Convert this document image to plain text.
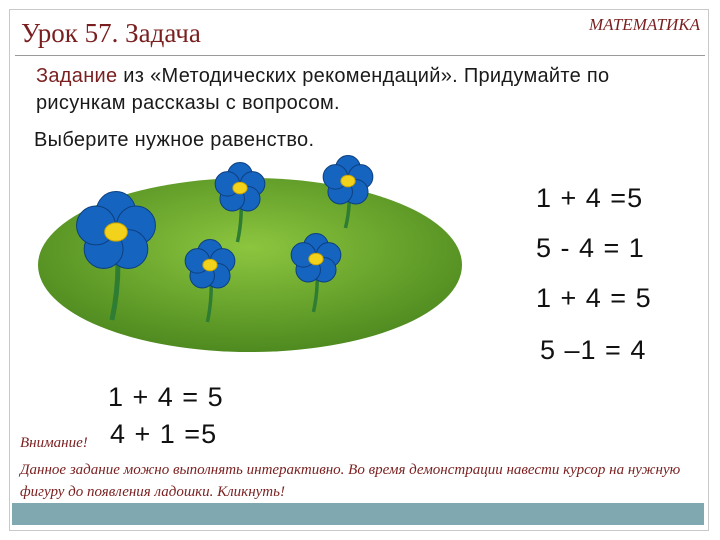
Урок 57. Задача	МАТЕМАТИКА
Задание из «Методических рекомендаций». Придумайте по рисункам рассказы с вопросом.
Выберите нужное равенство.
1 + 4 =5
5 - 4 = 1
1 + 4 = 5
5 –1 = 4
1 + 4 = 5
4 + 1 =5
Внимание!
Данное задание можно выполнять интерактивно. Во время демонстрации навести курсор на нужную фигуру до появления ладошки. Кликнуть!
